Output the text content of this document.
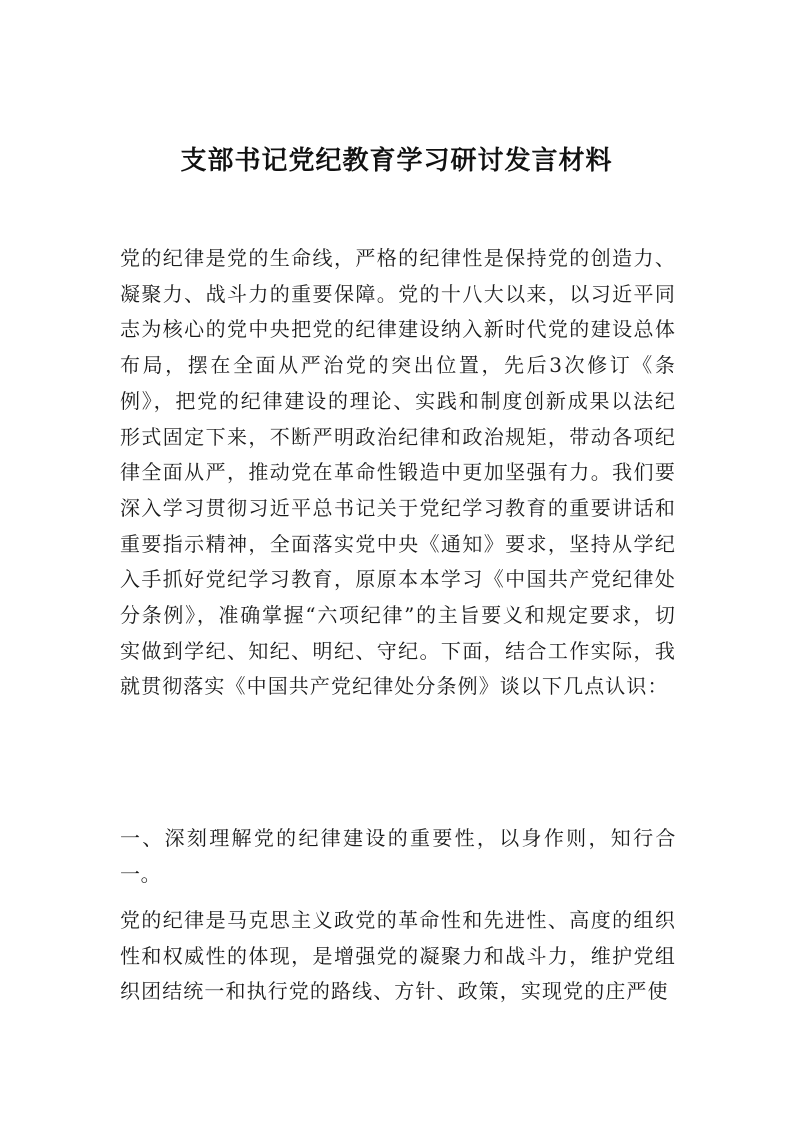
支部书记党纪教育学习研讨发言材料

党的纪律是党的生命线，严格的纪律性是保持党的创造力、凝聚力、战斗力的重要保障。党的十八大以来，以习近平同志为核心的党中央把党的纪律建设纳入新时代党的建设总体布局，摆在全面从严治党的突出位置，先后3次修订《条例》，把党的纪律建设的理论、实践和制度创新成果以法纪形式固定下来，不断严明政治纪律和政治规矩，带动各项纪律全面从严，推动党在革命性锻造中更加坚强有力。我们要深入学习贯彻习近平总书记关于党纪学习教育的重要讲话和重要指示精神，全面落实党中央《通知》要求，坚持从学纪入手抓好党纪学习教育，原原本本学习《中国共产党纪律处分条例》，准确掌握“六项纪律”的主旨要义和规定要求，切实做到学纪、知纪、明纪、守纪。下面，结合工作实际，我就贯彻落实《中国共产党纪律处分条例》谈以下几点认识：

一、深刻理解党的纪律建设的重要性，以身作则，知行合一。

党的纪律是马克思主义政党的革命性和先进性、高度的组织性和权威性的体现，是增强党的凝聚力和战斗力，维护党组织团结统一和执行党的路线、方针、政策，实现党的庄严使
